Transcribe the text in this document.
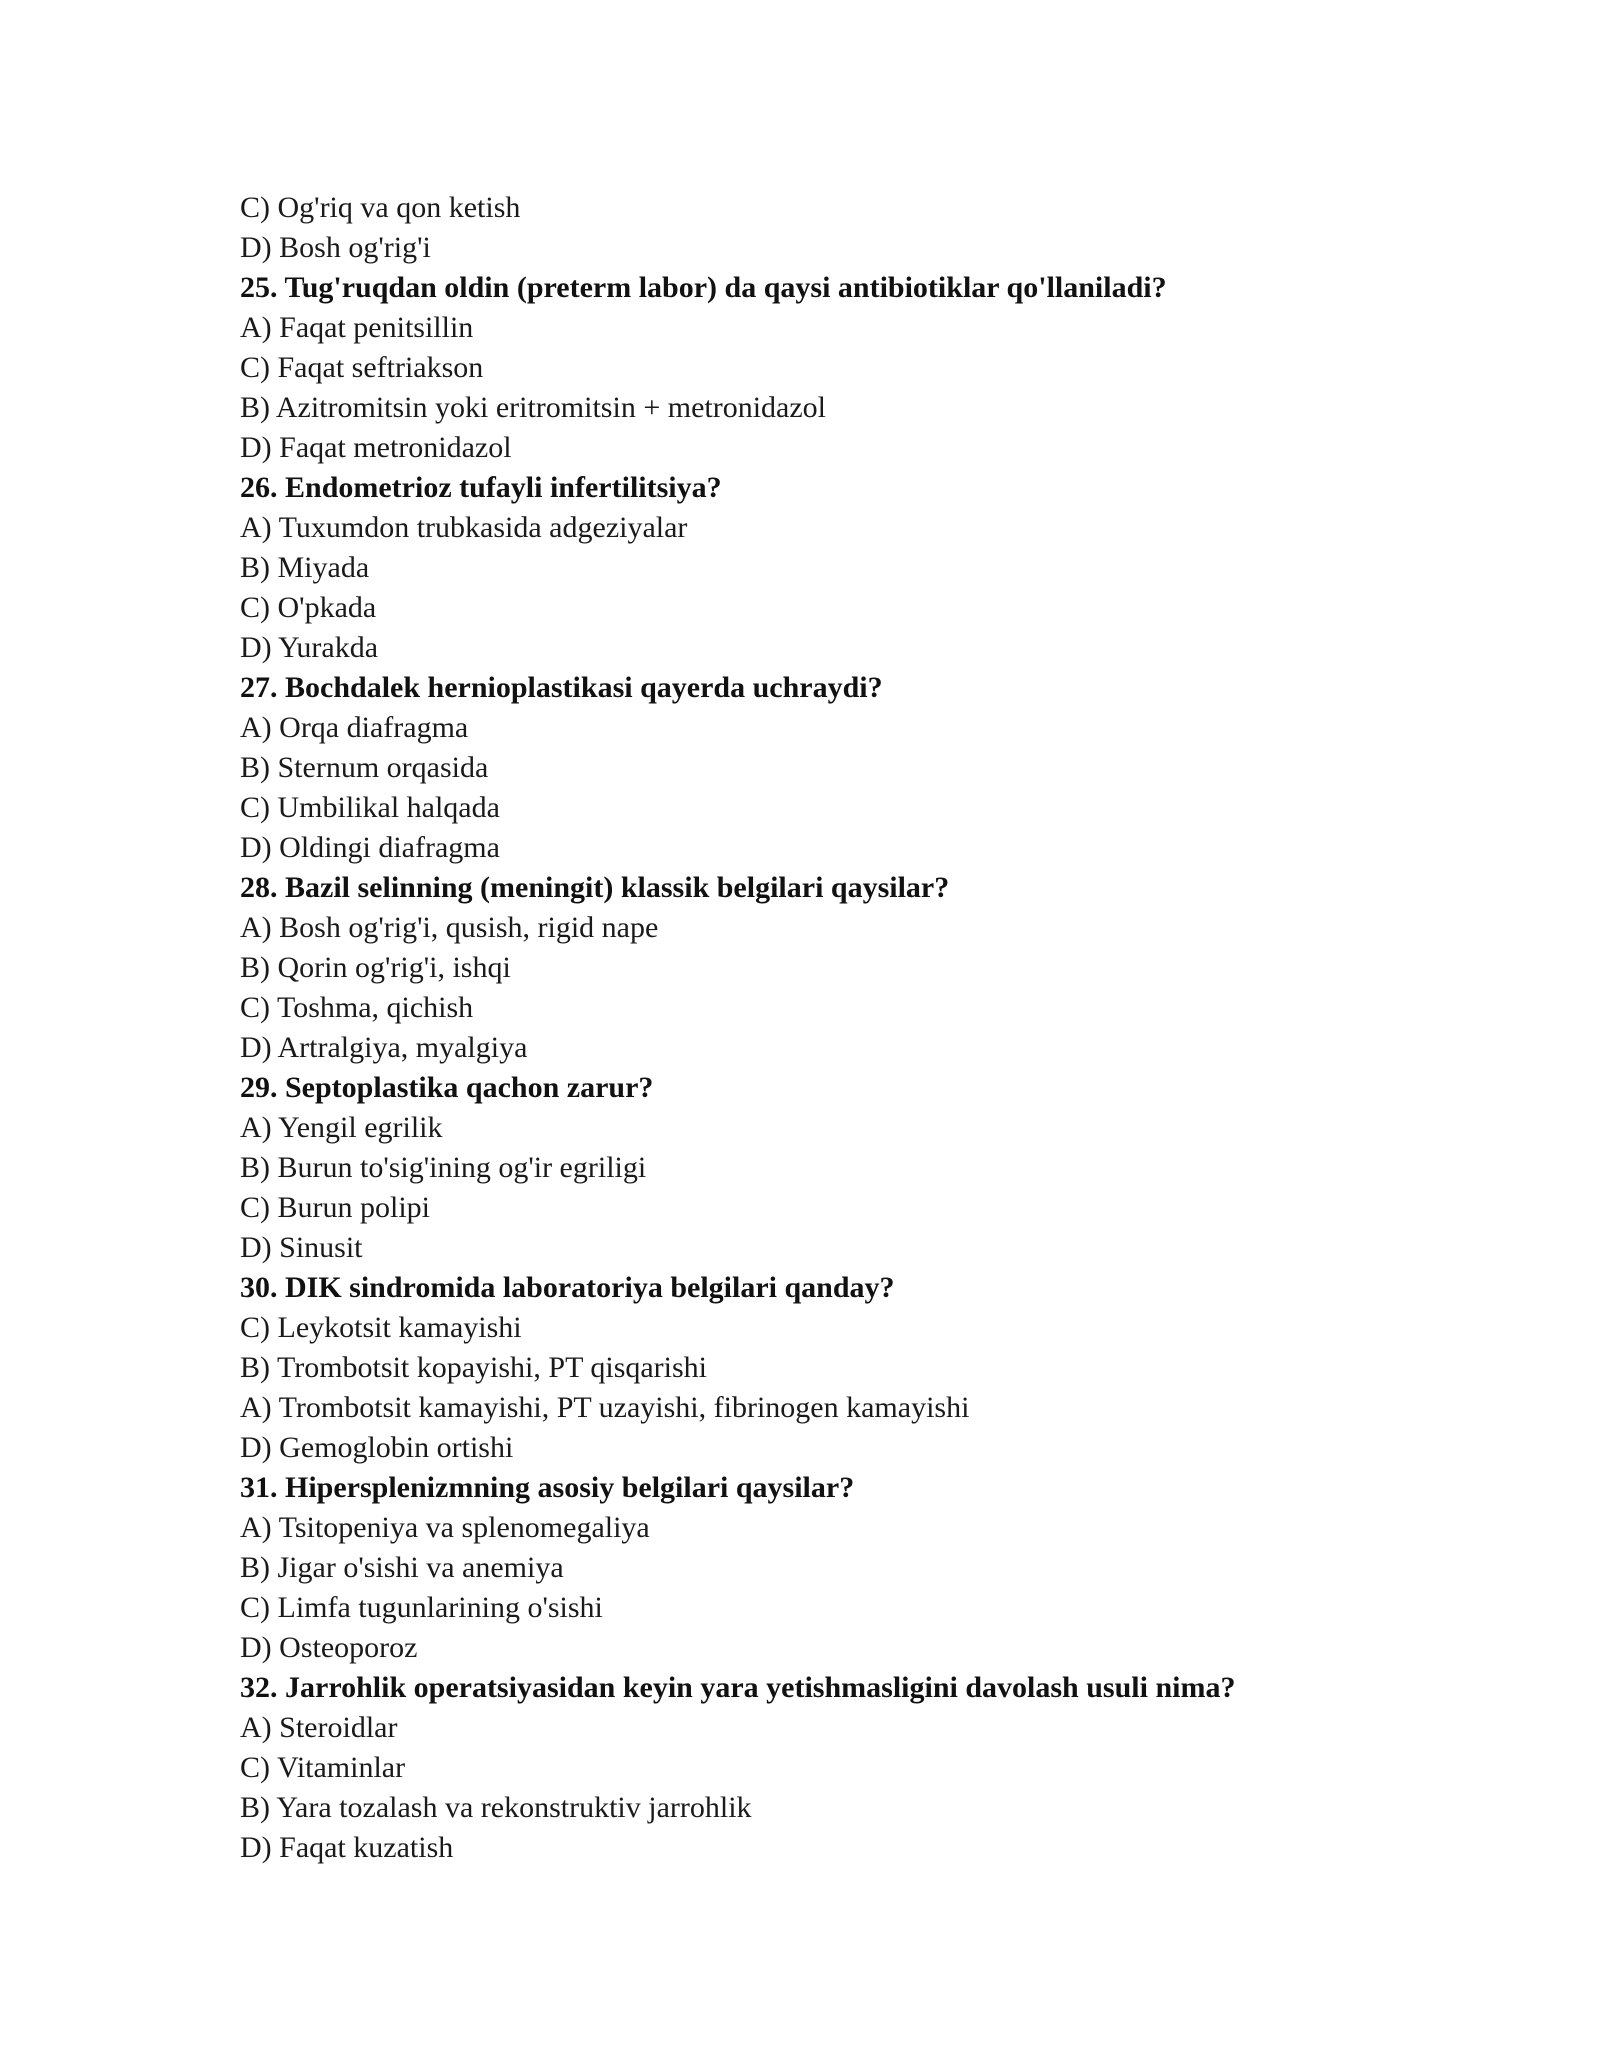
C) Og'riq va qon ketish
D) Bosh og'rig'i
25. Tug'ruqdan oldin (preterm labor) da qaysi antibiotiklar qo'llaniladi?
A) Faqat penitsillin
C) Faqat seftriakson
B) Azitromitsin yoki eritromitsin + metronidazol
D) Faqat metronidazol
26. Endometrioz tufayli infertilitsiya?
A) Tuxumdon trubkasida adgeziyalar
B) Miyada
C) O'pkada
D) Yurakda
27. Bochdalek hernioplastikasi qayerda uchraydi?
A) Orqa diafragma
B) Sternum orqasida
C) Umbilikal halqada
D) Oldingi diafragma
28. Bazil selinning (meningit) klassik belgilari qaysilar?
A) Bosh og'rig'i, qusish, rigid nape
B) Qorin og'rig'i, ishqi
C) Toshma, qichish
D) Artralgiya, myalgiya
29. Septoplastika qachon zarur?
A) Yengil egrilik
B) Burun to'sig'ining og'ir egriligi
C) Burun polipi
D) Sinusit
30. DIK sindromida laboratoriya belgilari qanday?
C) Leykotsit kamayishi
B) Trombotsit kopayishi, PT qisqarishi
A) Trombotsit kamayishi, PT uzayishi, fibrinogen kamayishi
D) Gemoglobin ortishi
31. Hipersplenizmning asosiy belgilari qaysilar?
A) Tsitopeniya va splenomegaliya
B) Jigar o'sishi va anemiya
C) Limfa tugunlarining o'sishi
D) Osteoporoz
32. Jarrohlik operatsiyasidan keyin yara yetishmasligini davolash usuli nima?
A) Steroidlar
C) Vitaminlar
B) Yara tozalash va rekonstruktiv jarrohlik
D) Faqat kuzatish
